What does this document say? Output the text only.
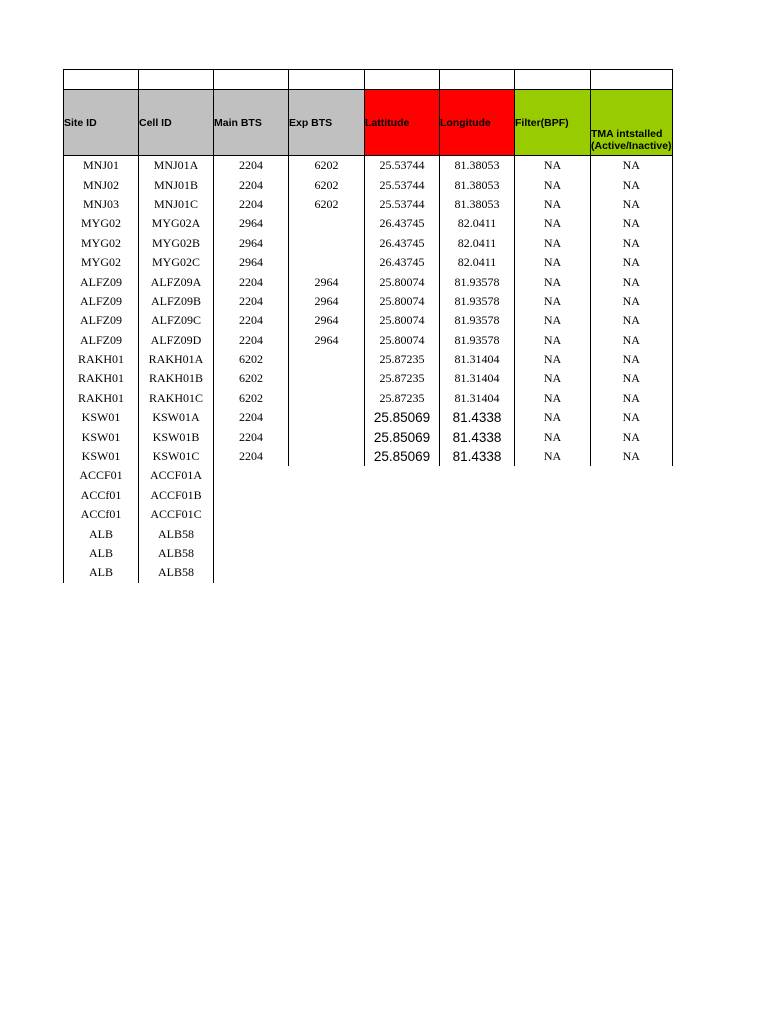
Site ID	Cell ID	Main BTS	Exp BTS	Lattitude	Longitude	Filter(BPF)	TMA intstalled (Active/Inactive)
MNJ01	MNJ01A	2204	6202	25.53744	81.38053	NA	NA
MNJ02	MNJ01B	2204	6202	25.53744	81.38053	NA	NA
MNJ03	MNJ01C	2204	6202	25.53744	81.38053	NA	NA
MYG02	MYG02A	2964		26.43745	82.0411	NA	NA
MYG02	MYG02B	2964		26.43745	82.0411	NA	NA
MYG02	MYG02C	2964		26.43745	82.0411	NA	NA
ALFZ09	ALFZ09A	2204	2964	25.80074	81.93578	NA	NA
ALFZ09	ALFZ09B	2204	2964	25.80074	81.93578	NA	NA
ALFZ09	ALFZ09C	2204	2964	25.80074	81.93578	NA	NA
ALFZ09	ALFZ09D	2204	2964	25.80074	81.93578	NA	NA
RAKH01	RAKH01A	6202		25.87235	81.31404	NA	NA
RAKH01	RAKH01B	6202		25.87235	81.31404	NA	NA
RAKH01	RAKH01C	6202		25.87235	81.31404	NA	NA
KSW01	KSW01A	2204		25.85069	81.4338	NA	NA
KSW01	KSW01B	2204		25.85069	81.4338	NA	NA
KSW01	KSW01C	2204		25.85069	81.4338	NA	NA
ACCF01	ACCF01A						
ACCf01	ACCF01B						
ACCf01	ACCF01C						
ALB	ALB58						
ALB	ALB58						
ALB	ALB58						
